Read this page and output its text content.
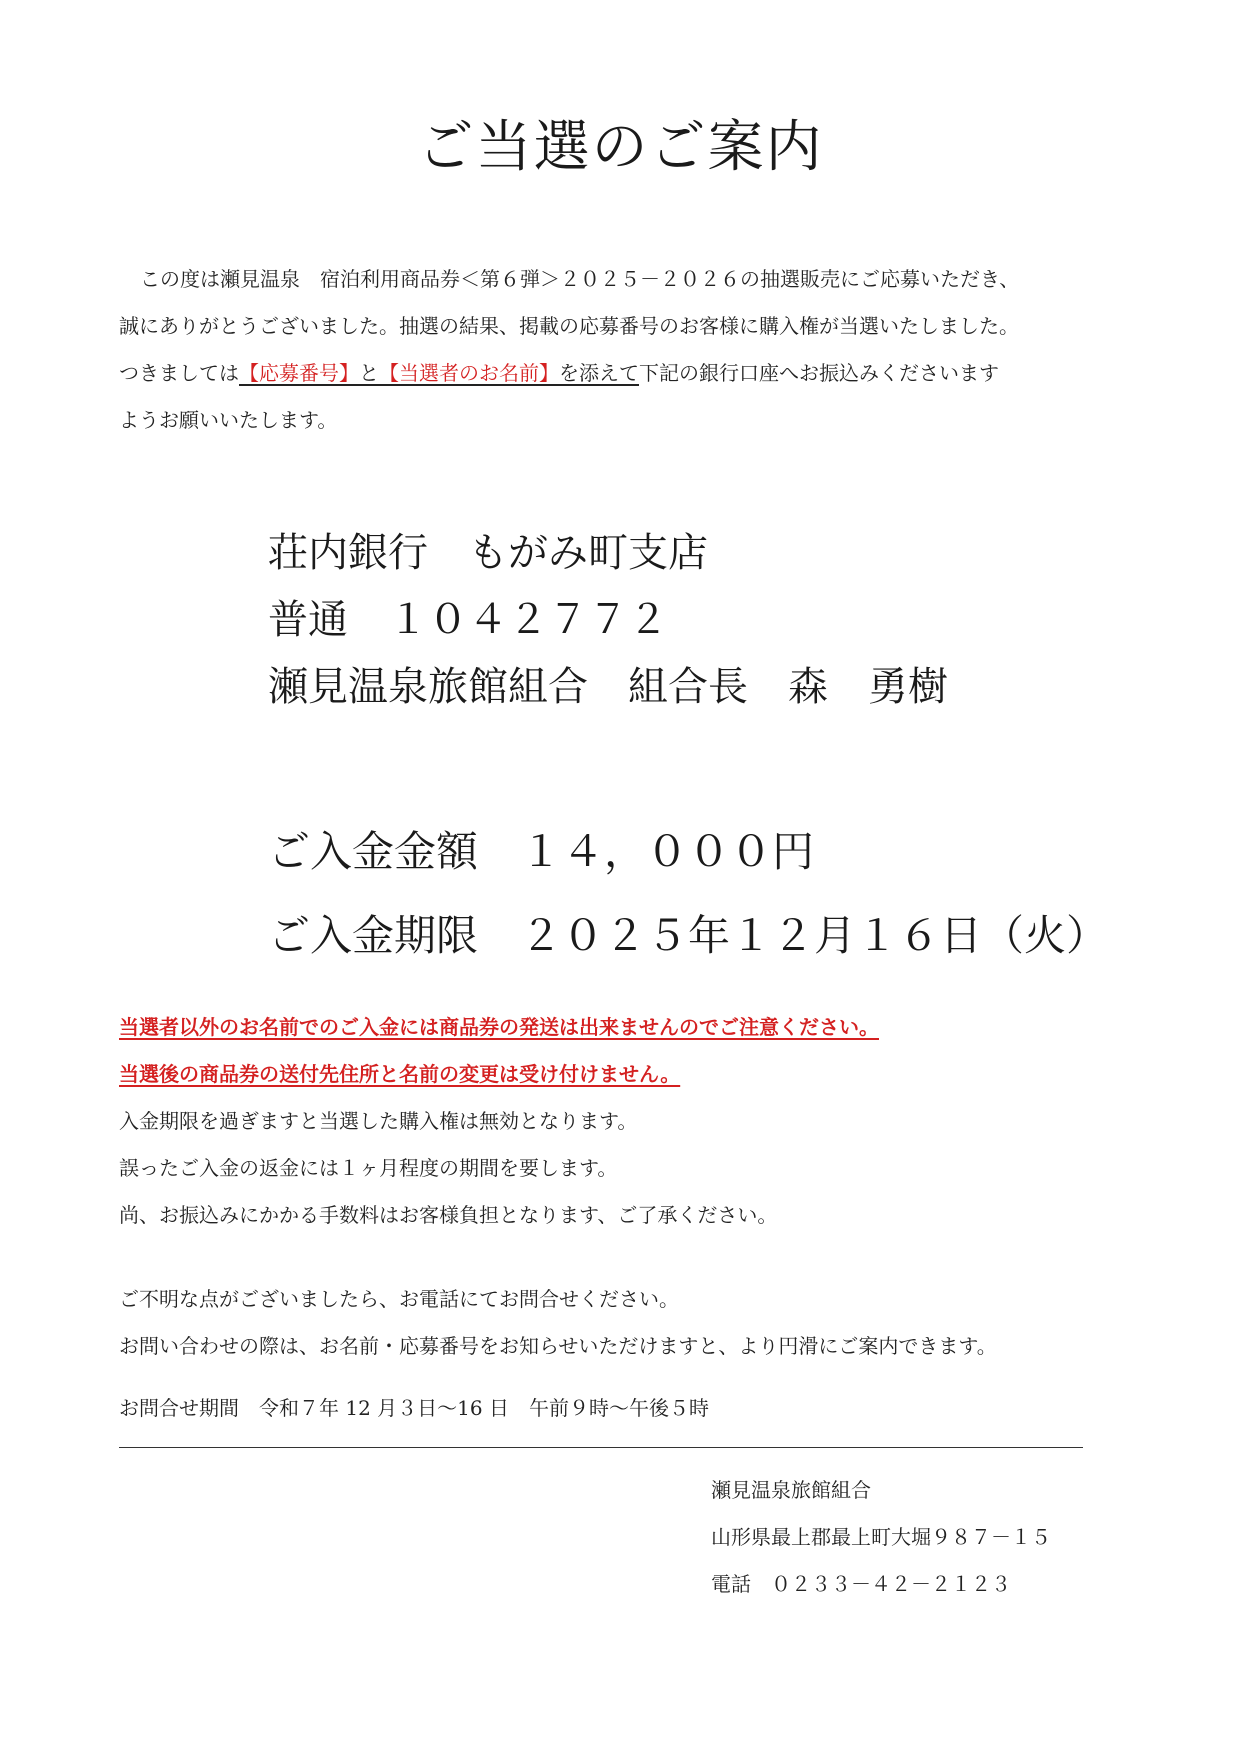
ご当選のご案内
この度は瀬見温泉　宿泊利用商品券＜第６弾＞２０２５－２０２６の抽選販売にご応募いただき、
誠にありがとうございました。抽選の結果、掲載の応募番号のお客様に購入権が当選いたしました。
つきましては【応募番号】と【当選者のお名前】を添えて下記の銀行口座へお振込みくださいます
ようお願いいたします。
荘内銀行　もがみ町支店
普通　１０４２７７２
瀬見温泉旅館組合　組合長　森　勇樹
ご入金金額　１４，０００円
ご入金期限　２０２５年１２月１６日（火）
当選者以外のお名前でのご入金には商品券の発送は出来ませんのでご注意ください。
当選後の商品券の送付先住所と名前の変更は受け付けません。
入金期限を過ぎますと当選した購入権は無効となります。
誤ったご入金の返金には１ヶ月程度の期間を要します。
尚、お振込みにかかる手数料はお客様負担となります、ご了承ください。
ご不明な点がございましたら、お電話にてお問合せください。
お問い合わせの際は、お名前・応募番号をお知らせいただけますと、より円滑にご案内できます。
お問合せ期間　令和７年 12 月３日～16 日　午前９時～午後５時
瀬見温泉旅館組合
山形県最上郡最上町大堀９８７－１５
電話　０２３３－４２－２１２３
